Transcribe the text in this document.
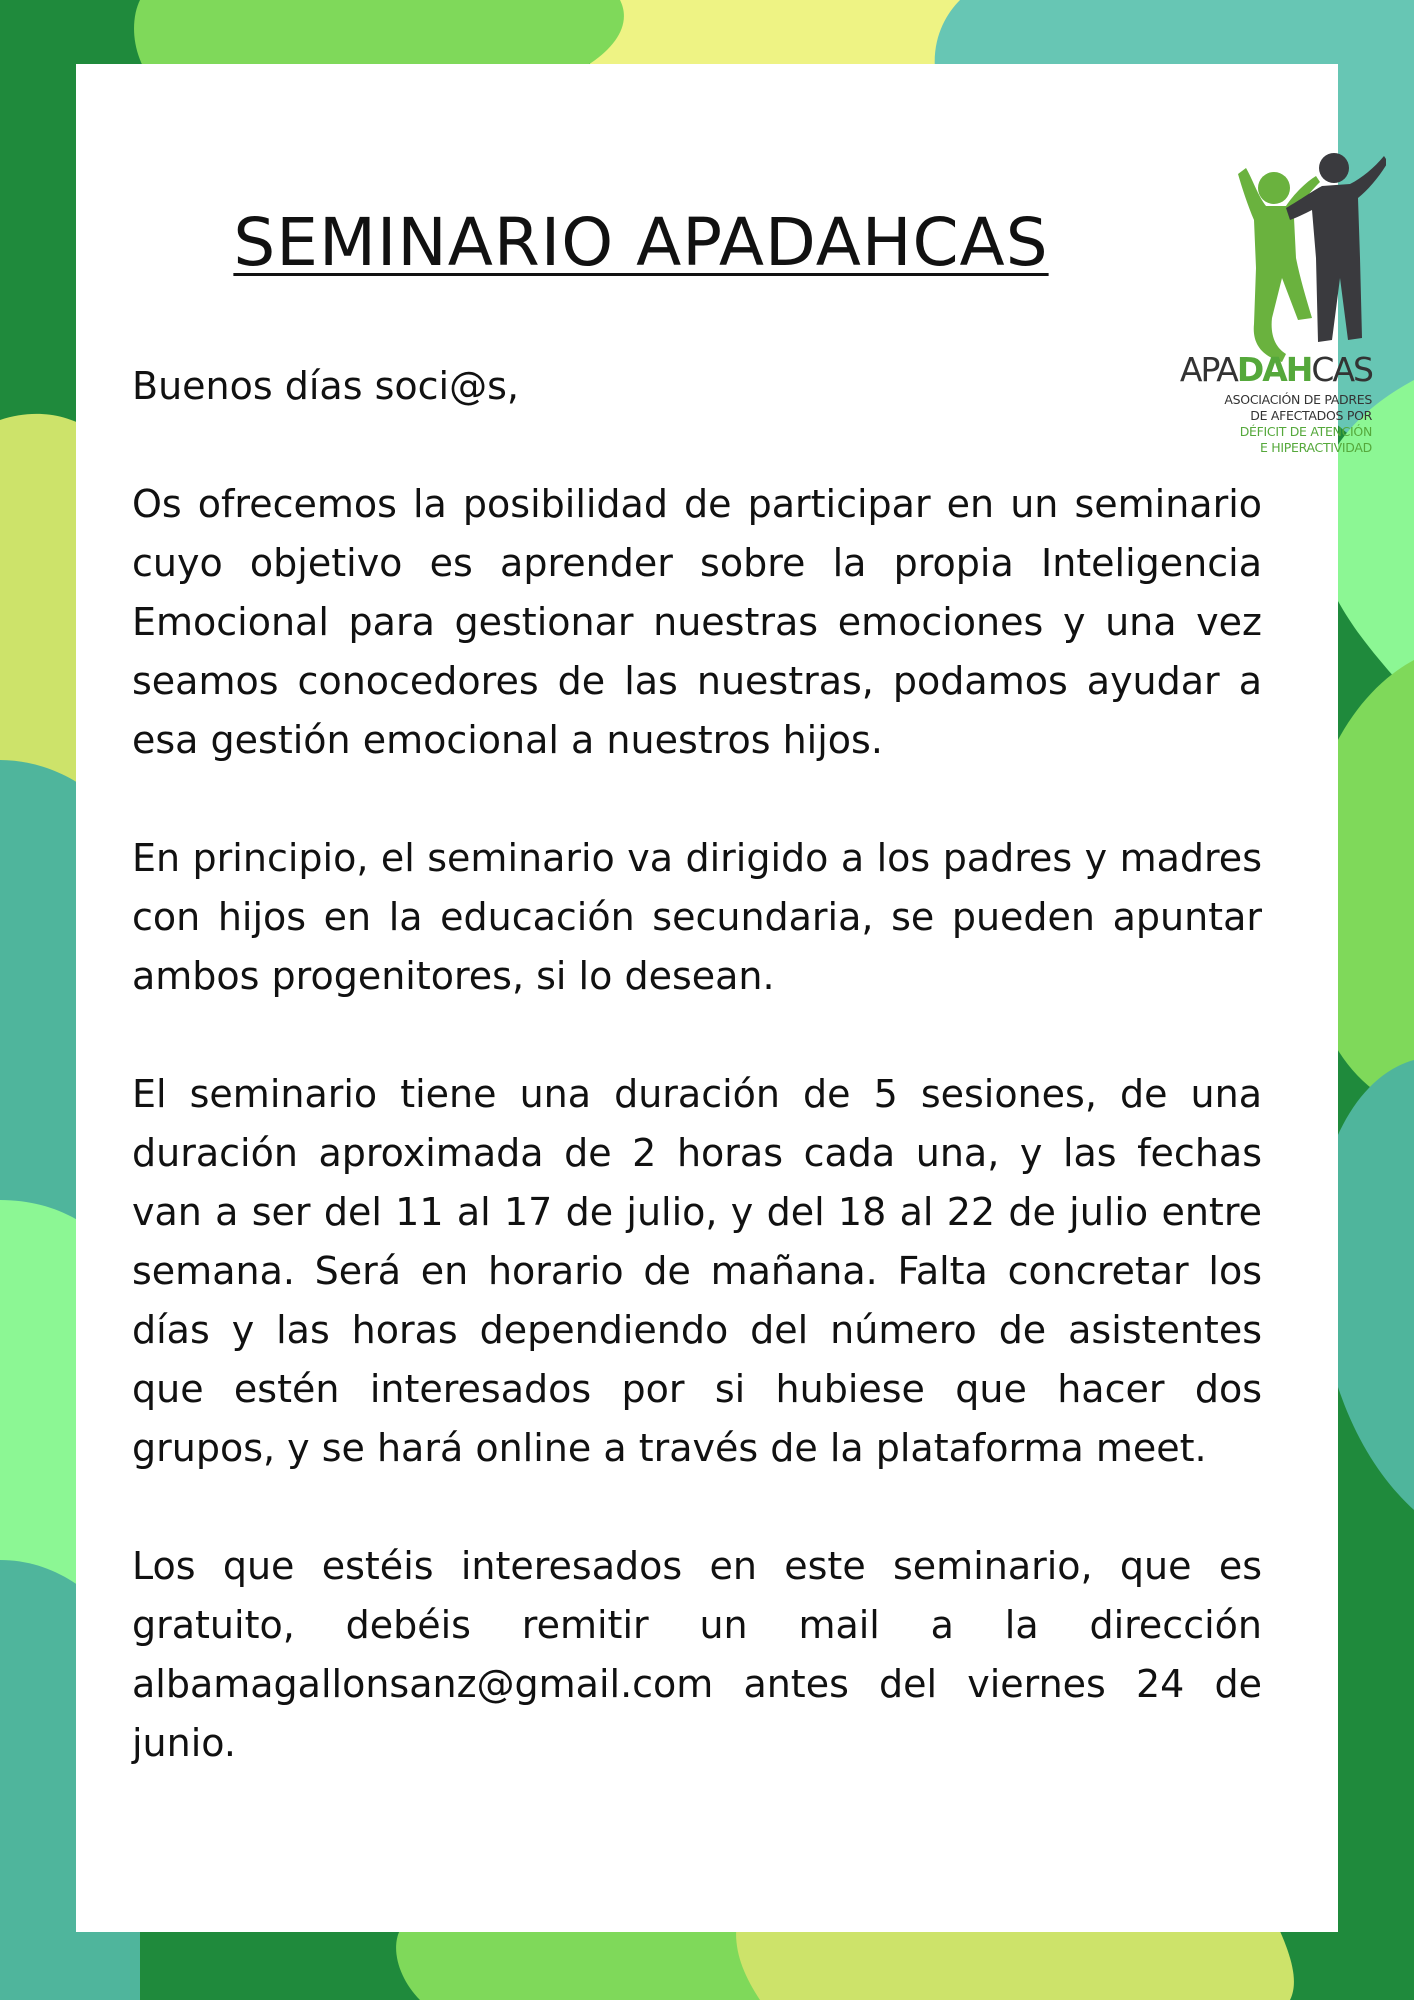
SEMINARIO APADAHCAS
APADAHCAS
ASOCIACIÓN DE PADRES
DE AFECTADOS POR
DÉFICIT DE ATENCIÓN
E HIPERACTIVIDAD

Buenos días soci@s,

Os ofrecemos la posibilidad de participar en un seminario cuyo objetivo es aprender sobre la propia Inteligencia Emocional para gestionar nuestras emociones y una vez seamos conocedores de las nuestras, podamos ayudar a esa gestión emocional a nuestros hijos.

En principio, el seminario va dirigido a los padres y madres con hijos en la educación secundaria, se pueden apuntar ambos progenitores, si lo desean.

El seminario tiene una duración de 5 sesiones, de una duración aproximada de 2 horas cada una, y las fechas van a ser del 11 al 17 de julio, y del 18 al 22 de julio entre semana. Será en horario de mañana. Falta concretar los días y las horas dependiendo del número de asistentes que estén interesados por si hubiese que hacer dos grupos, y se hará online a través de la plataforma meet.

Los que estéis interesados en este seminario, que es gratuito, debéis remitir un mail a la dirección albamagallonsanz@gmail.com antes del viernes 24 de junio.
